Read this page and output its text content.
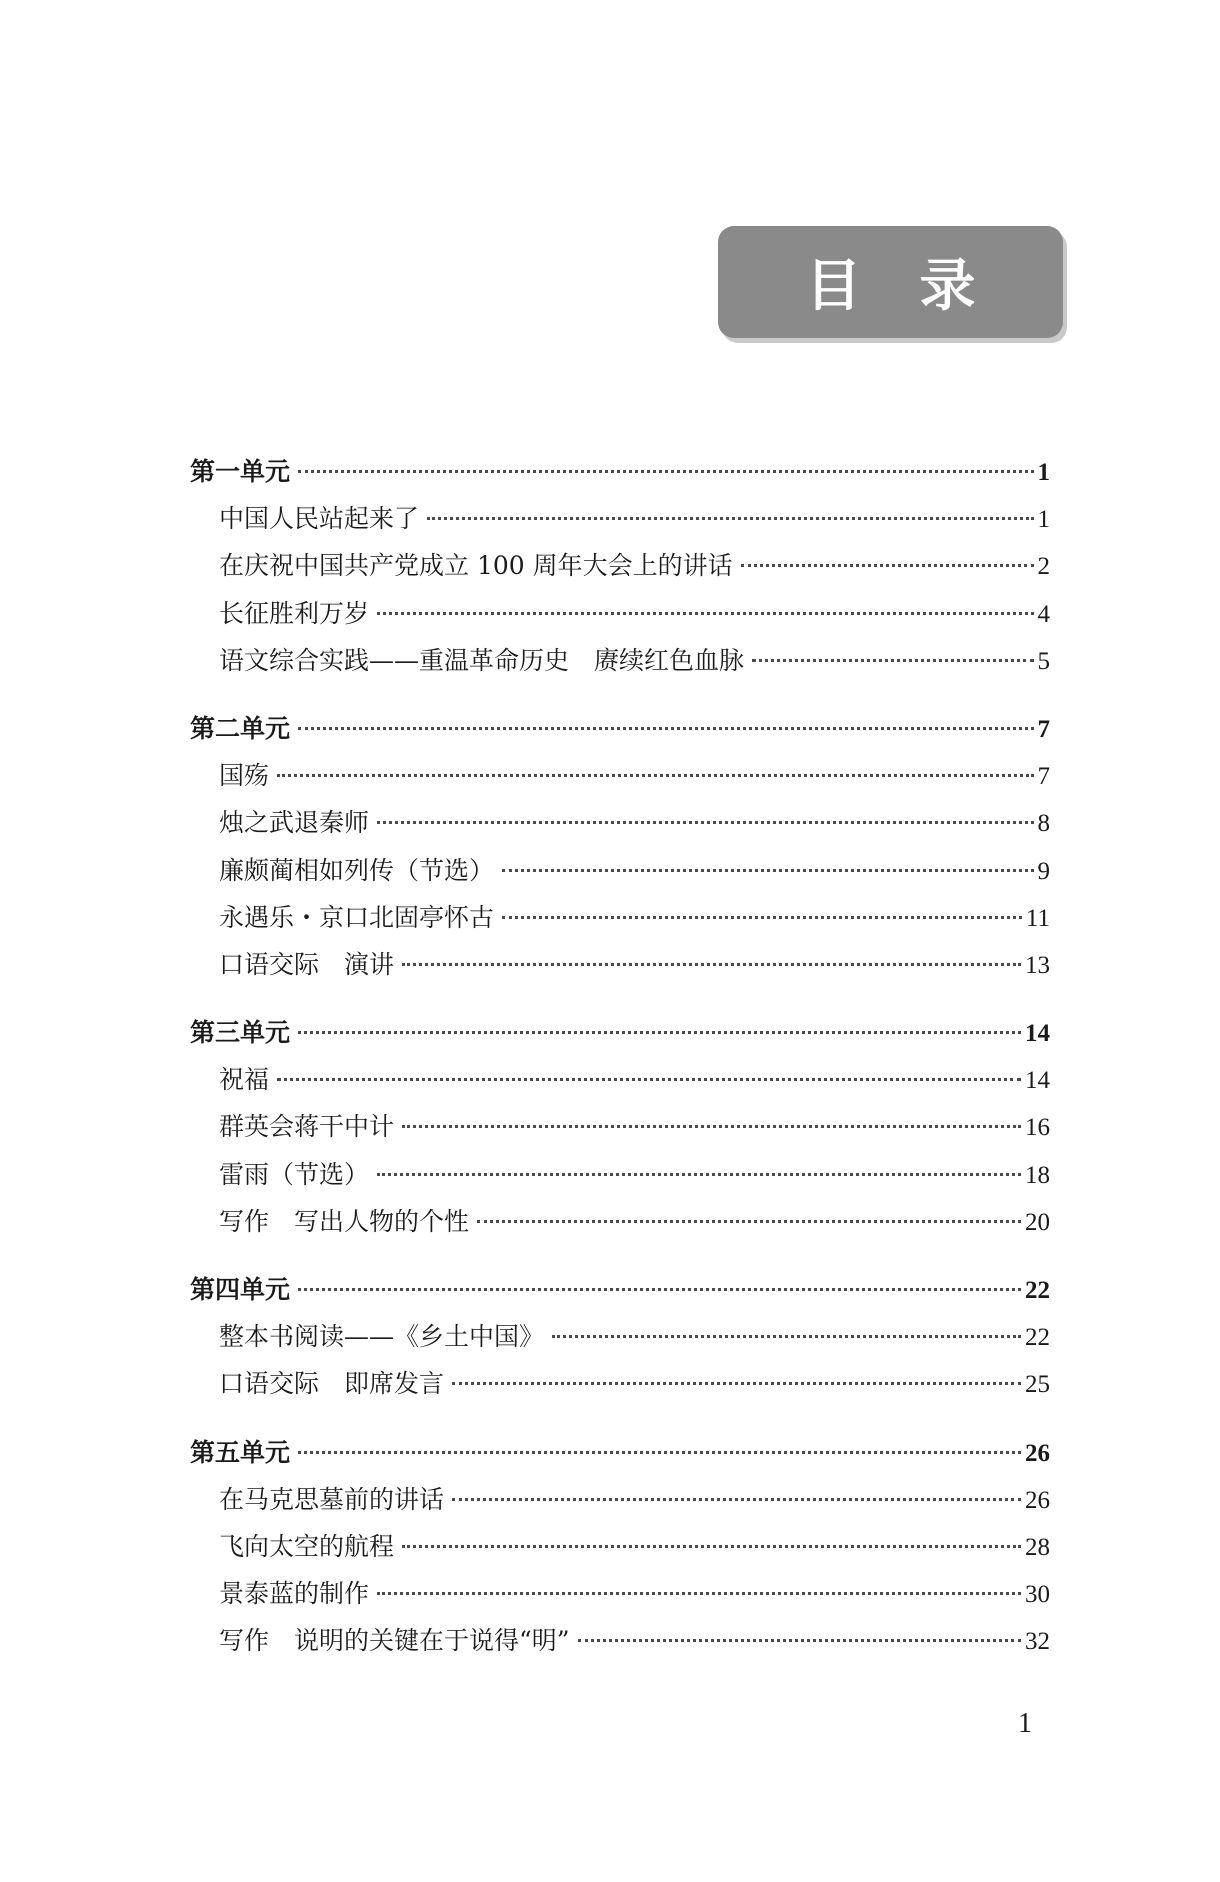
目录
第一单元	1
中国人民站起来了	1
在庆祝中国共产党成立 100 周年大会上的讲话	2
长征胜利万岁	4
语文综合实践——重温革命历史　赓续红色血脉	5
第二单元	7
国殇	7
烛之武退秦师	8
廉颇蔺相如列传（节选）	9
永遇乐・京口北固亭怀古	11
口语交际　演讲	13
第三单元	14
祝福	14
群英会蒋干中计	16
雷雨（节选）	18
写作　写出人物的个性	20
第四单元	22
整本书阅读——《乡土中国》	22
口语交际　即席发言	25
第五单元	26
在马克思墓前的讲话	26
飞向太空的航程	28
景泰蓝的制作	30
写作　说明的关键在于说得“明”	32
1
